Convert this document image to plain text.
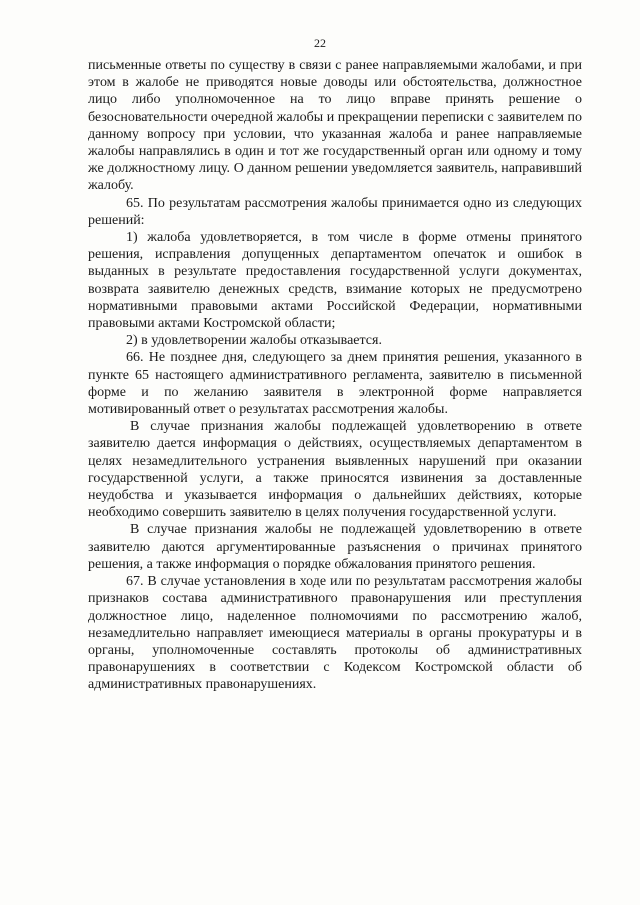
22

письменные ответы по существу в связи с ранее направляемыми жалобами, и при этом в жалобе не приводятся новые доводы или обстоятельства, должностное лицо либо уполномоченное на то лицо вправе принять решение о безосновательности очередной жалобы и прекращении переписки с заявителем по данному вопросу при условии, что указанная жалоба и ранее направляемые жалобы направлялись в один и тот же государственный орган или одному и тому же должностному лицу. О данном решении уведомляется заявитель, направивший жалобу.

65. По результатам рассмотрения жалобы принимается одно из следующих решений:

1) жалоба удовлетворяется, в том числе в форме отмены принятого решения, исправления допущенных департаментом опечаток и ошибок в выданных в результате предоставления государственной услуги документах, возврата заявителю денежных средств, взимание которых не предусмотрено нормативными правовыми актами Российской Федерации, нормативными правовыми актами Костромской области;

2) в удовлетворении жалобы отказывается.

66. Не позднее дня, следующего за днем принятия решения, указанного в пункте 65 настоящего административного регламента, заявителю в письменной форме и по желанию заявителя в электронной форме направляется мотивированный ответ о результатах рассмотрения жалобы.

В случае признания жалобы подлежащей удовлетворению в ответе заявителю дается информация о действиях, осуществляемых департаментом в целях незамедлительного устранения выявленных нарушений при оказании государственной услуги, а также приносятся извинения за доставленные неудобства и указывается информация о дальнейших действиях, которые необходимо совершить заявителю в целях получения государственной услуги.

В случае признания жалобы не подлежащей удовлетворению в ответе заявителю даются аргументированные разъяснения о причинах принятого решения, а также информация о порядке обжалования принятого решения.

67. В случае установления в ходе или по результатам рассмотрения жалобы признаков состава административного правонарушения или преступления должностное лицо, наделенное полномочиями по рассмотрению жалоб, незамедлительно направляет имеющиеся материалы в органы прокуратуры и в органы, уполномоченные составлять протоколы об административных правонарушениях в соответствии с Кодексом Костромской области об административных правонарушениях.
